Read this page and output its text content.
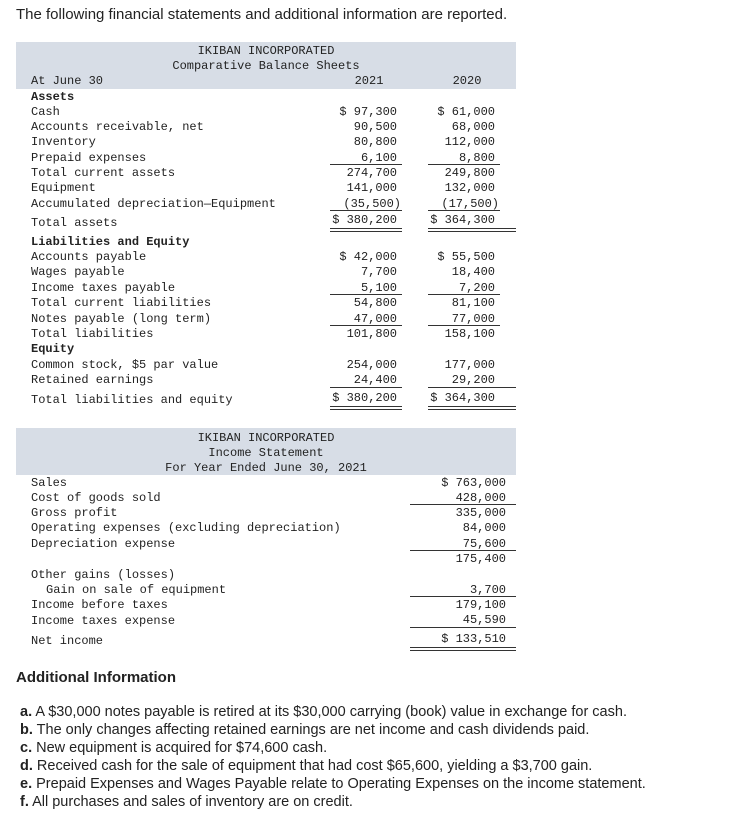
The following financial statements and additional information are reported.
IKIBAN INCORPORATED
Comparative Balance Sheets
At June 30	2021	2020
Assets
Cash	$ 97,300	$ 61,000
Accounts receivable, net	90,500	68,000
Inventory	80,800	112,000
Prepaid expenses	6,100	8,800
Total current assets	274,700	249,800
Equipment	141,000	132,000
Accumulated depreciation—Equipment	(35,500)	(17,500)
Total assets	$ 380,200	$ 364,300
Liabilities and Equity
Accounts payable	$ 42,000	$ 55,500
Wages payable	7,700	18,400
Income taxes payable	5,100	7,200
Total current liabilities	54,800	81,100
Notes payable (long term)	47,000	77,000
Total liabilities	101,800	158,100
Equity
Common stock, $5 par value	254,000	177,000
Retained earnings	24,400	29,200
Total liabilities and equity	$ 380,200	$ 364,300
IKIBAN INCORPORATED
Income Statement
For Year Ended June 30, 2021
Sales	$ 763,000
Cost of goods sold	428,000
Gross profit	335,000
Operating expenses (excluding depreciation)	84,000
Depreciation expense	75,600
175,400
Other gains (losses)
Gain on sale of equipment	3,700
Income before taxes	179,100
Income taxes expense	45,590
Net income	$ 133,510
Additional Information
a. A $30,000 notes payable is retired at its $30,000 carrying (book) value in exchange for cash.
b. The only changes affecting retained earnings are net income and cash dividends paid.
c. New equipment is acquired for $74,600 cash.
d. Received cash for the sale of equipment that had cost $65,600, yielding a $3,700 gain.
e. Prepaid Expenses and Wages Payable relate to Operating Expenses on the income statement.
f. All purchases and sales of inventory are on credit.
